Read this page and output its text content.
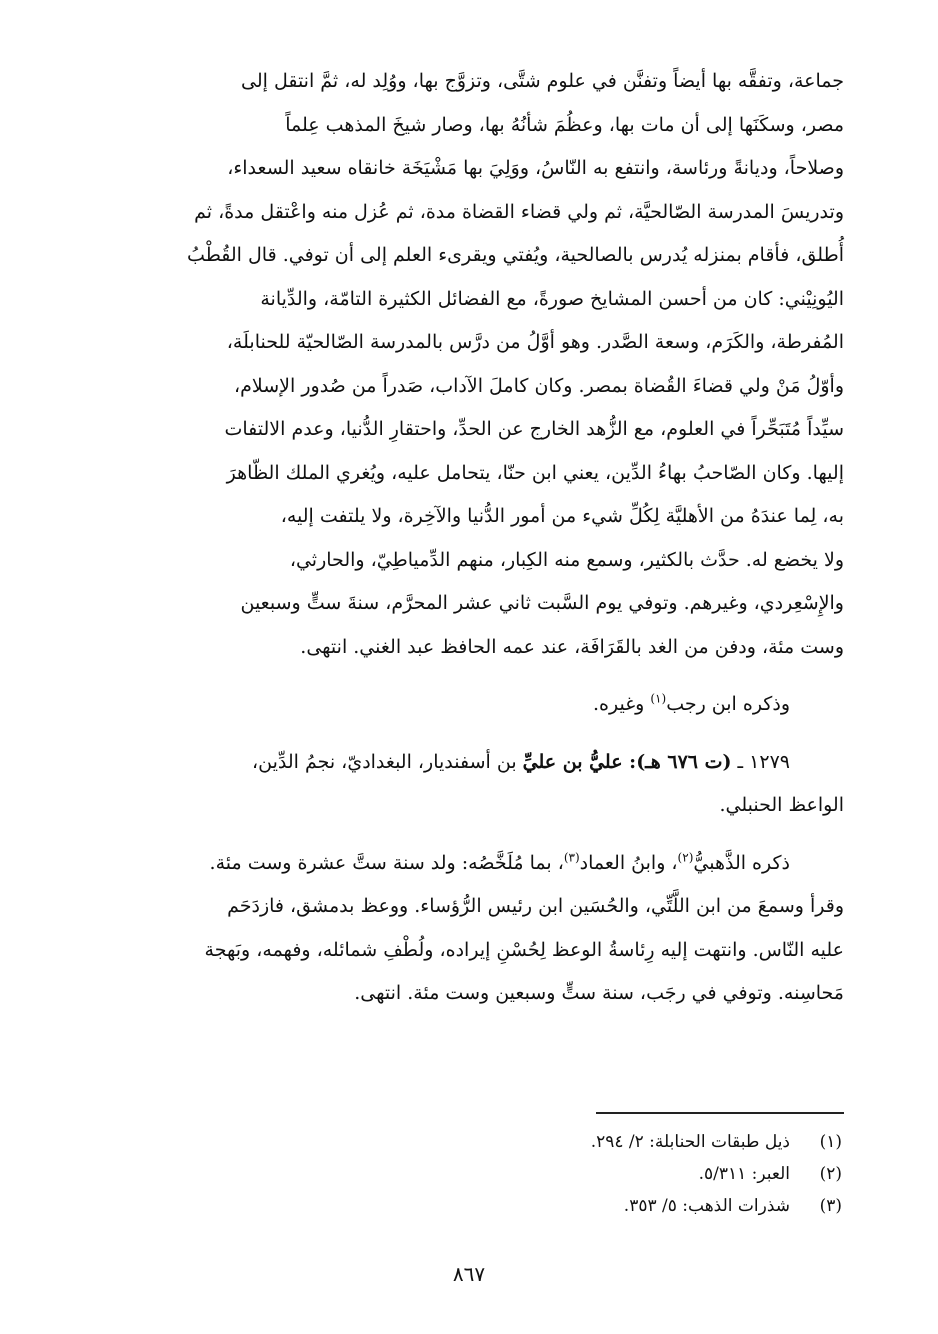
جماعة، وتفقَّه بها أيضاً وتفنَّن في علوم شتَّى، وتزوَّج بها، ووُلِد له، ثمَّ انتقل إلى

مصر، وسكَنَها إلى أن مات بها، وعظُمَ شأنُهُ بها، وصار شيخَ المذهب عِلماً

وصلاحاً، وديانةً ورئاسة، وانتفع به النّاسُ، ووَلِيَ بها مَشْيَخَة خانقاه سعيد السعداء،

وتدريسَ المدرسة الصّالحيَّة، ثم ولي قضاء القضاة مدة، ثم عُزل منه واعْتقل مدةً، ثم

أُطلق، فأقام بمنزله يُدرس بالصالحية، ويُفتي ويقرىء العلم إلى أن توفي. قال القُطْبُ

اليُونِيْني: كان من أحسن المشايخ صورةً، مع الفضائل الكثيرة التامّة، والدِّيانة

المُفرطة، والكَرَم، وسعة الصَّدر. وهو أوَّلُ من درَّس بالمدرسة الصّالحيّة للحنابلَة،

وأوّلُ مَنْ ولي قضاءَ القُضاة بمصر. وكان كاملَ الآداب، صَدراً من صُدور الإسلام،

سيِّداً مُتَبَحِّراً في العلوم، مع الزُّهد الخارج عن الحدِّ، واحتقارِ الدُّنيا، وعدم الالتفات

إليها. وكان الصّاحبُ بهاءُ الدِّين، يعني ابن حنّا، يتحامل عليه، ويُغري الملك الظّاهرَ

به، لِما عندَهُ من الأهليَّة لِكُلِّ شيء من أمور الدُّنيا والآخِرة، ولا يلتفت إليه،

ولا يخضع له. حدَّث بالكثير، وسمع منه الكِبار، منهم الدِّمياطِيّ، والحارثي،

والإِسْعِردي، وغيرهم. وتوفي يوم السَّبت ثاني عشر المحرَّم، سنةَ ستٍّ وسبعين

وست مئة، ودفن من الغد بالقَرَافَة، عند عمه الحافظ عبد الغني. انتهى.

وذكره ابن رجب$^{(١)}$ وغيره.

١٢٧٩ ـ (ت ٦٧٦ هـ): عليُّ بن عليِّ بن أسفنديار، البغداديّ، نجمُ الدِّين،

الواعظ الحنبلي.

ذكره الذَّهبيُّ$^{(٢)}$، وابنُ العماد$^{(٣)}$، بما مُلَخَّصُه: ولد سنة ستَّ عشرة وست مئة.

وقرأ وسمعَ من ابن اللَّتِّي، والحُسَين ابن رئيس الرُّؤساء. ووعظ بدمشق، فازدَحَم

عليه النّاس. وانتهت إليه رِئاسةُ الوعظ لِحُسْنِ إيراده، ولُطْفِ شمائله، وفهمه، وبَهجة

مَحاسِنه. وتوفي في رجَب، سنة ستٍّ وسبعين وست مئة. انتهى.

(١)
ذيل طبقات الحنابلة: ٢/ ٢٩٤.
(٢)
العبر: ٥/٣١١.
(٣)
شذرات الذهب: ٥/ ٣٥٣.
٨٦٧
